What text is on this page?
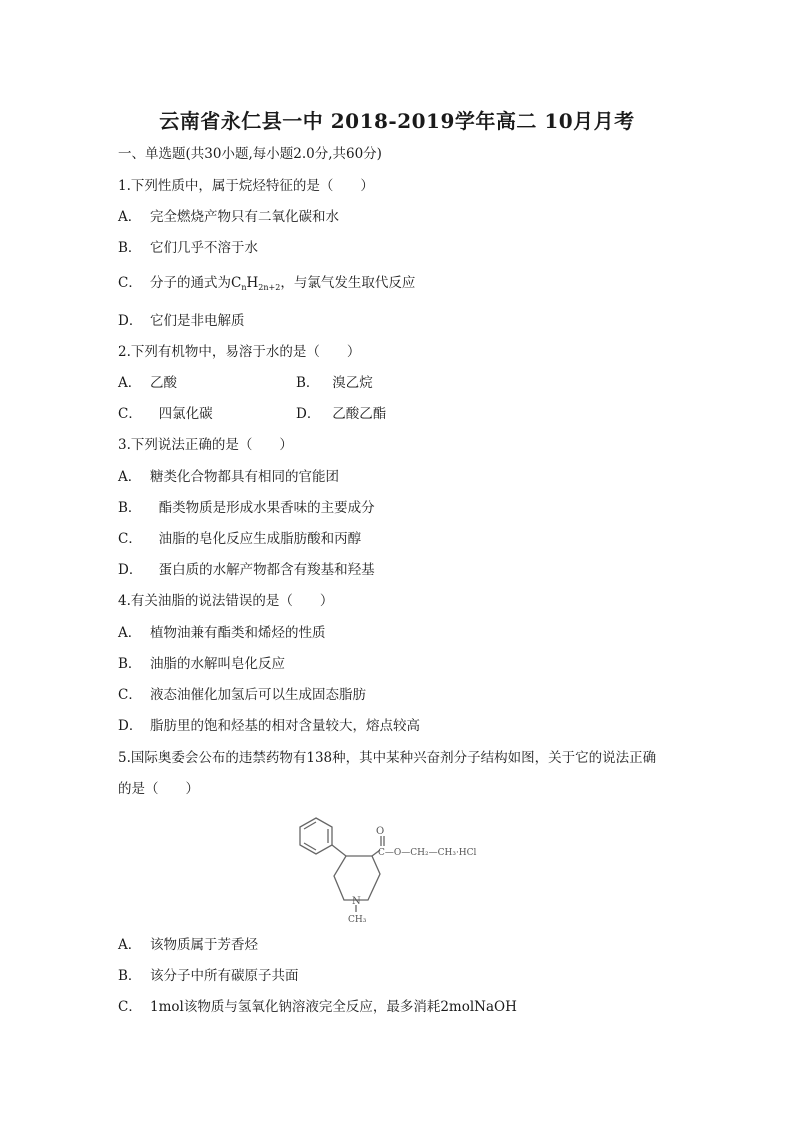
云南省永仁县一中 2018-2019学年高二 10月月考
一、单选题(共30小题,每小题2.0分,共60分)
1.下列性质中，属于烷烃特征的是（　　）
A． 完全燃烧产物只有二氧化碳和水
B． 它们几乎不溶于水
C． 分子的通式为$C_nH_{2n+2}$，与氯气发生取代反应
D． 它们是非电解质
2.下列有机物中，易溶于水的是（　　）
A． 乙酸	B． 溴乙烷
C． 四氯化碳	D． 乙酸乙酯
3.下列说法正确的是（　　）
A． 糖类化合物都具有相同的官能团
B． 酯类物质是形成水果香味的主要成分
C． 油脂的皂化反应生成脂肪酸和丙醇
D． 蛋白质的水解产物都含有羧基和羟基
4.有关油脂的说法错误的是（　　）
A． 植物油兼有酯类和烯烃的性质
B． 油脂的水解叫皂化反应
C． 液态油催化加氢后可以生成固态脂肪
D． 脂肪里的饱和烃基的相对含量较大，熔点较高
5.国际奥委会公布的违禁药物有138种，其中某种兴奋剂分子结构如图，关于它的说法正确
的是（　　）
O
C—O—CH₂—CH₃·HCl
N
CH₃
A． 该物质属于芳香烃
B． 该分子中所有碳原子共面
C． 1mol该物质与氢氧化钠溶液完全反应，最多消耗2molNaOH
